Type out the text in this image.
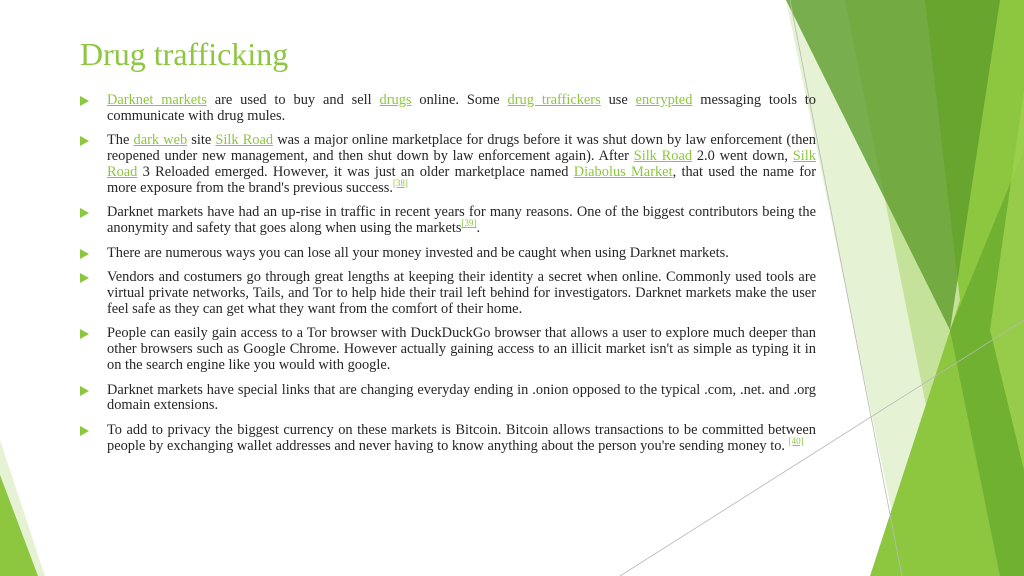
Drug trafficking
Darknet markets are used to buy and sell drugs online. Some drug traffickers use encrypted messaging tools to communicate with drug mules.
The dark web site Silk Road was a major online marketplace for drugs before it was shut down by law enforcement (then reopened under new management, and then shut down by law enforcement again). After Silk Road 2.0 went down, Silk Road 3 Reloaded emerged. However, it was just an older marketplace named Diabolus Market, that used the name for more exposure from the brand's previous success.[38]
Darknet markets have had an up-rise in traffic in recent years for many reasons. One of the biggest contributors being the anonymity and safety that goes along when using the markets[39].
There are numerous ways you can lose all your money invested and be caught when using Darknet markets.
Vendors and costumers go through great lengths at keeping their identity a secret when online. Commonly used tools are virtual private networks, Tails, and Tor to help hide their trail left behind for investigators. Darknet markets make the user feel safe as they can get what they want from the comfort of their home.
People can easily gain access to a Tor browser with DuckDuckGo browser that allows a user to explore much deeper than other browsers such as Google Chrome. However actually gaining access to an illicit market isn't as simple as typing it in on the search engine like you would with google.
Darknet markets have special links that are changing everyday ending in .onion opposed to the typical .com, .net. and .org domain extensions.
To add to privacy the biggest currency on these markets is Bitcoin. Bitcoin allows transactions to be committed between people by exchanging wallet addresses and never having to know anything about the person you're sending money to. [40]
